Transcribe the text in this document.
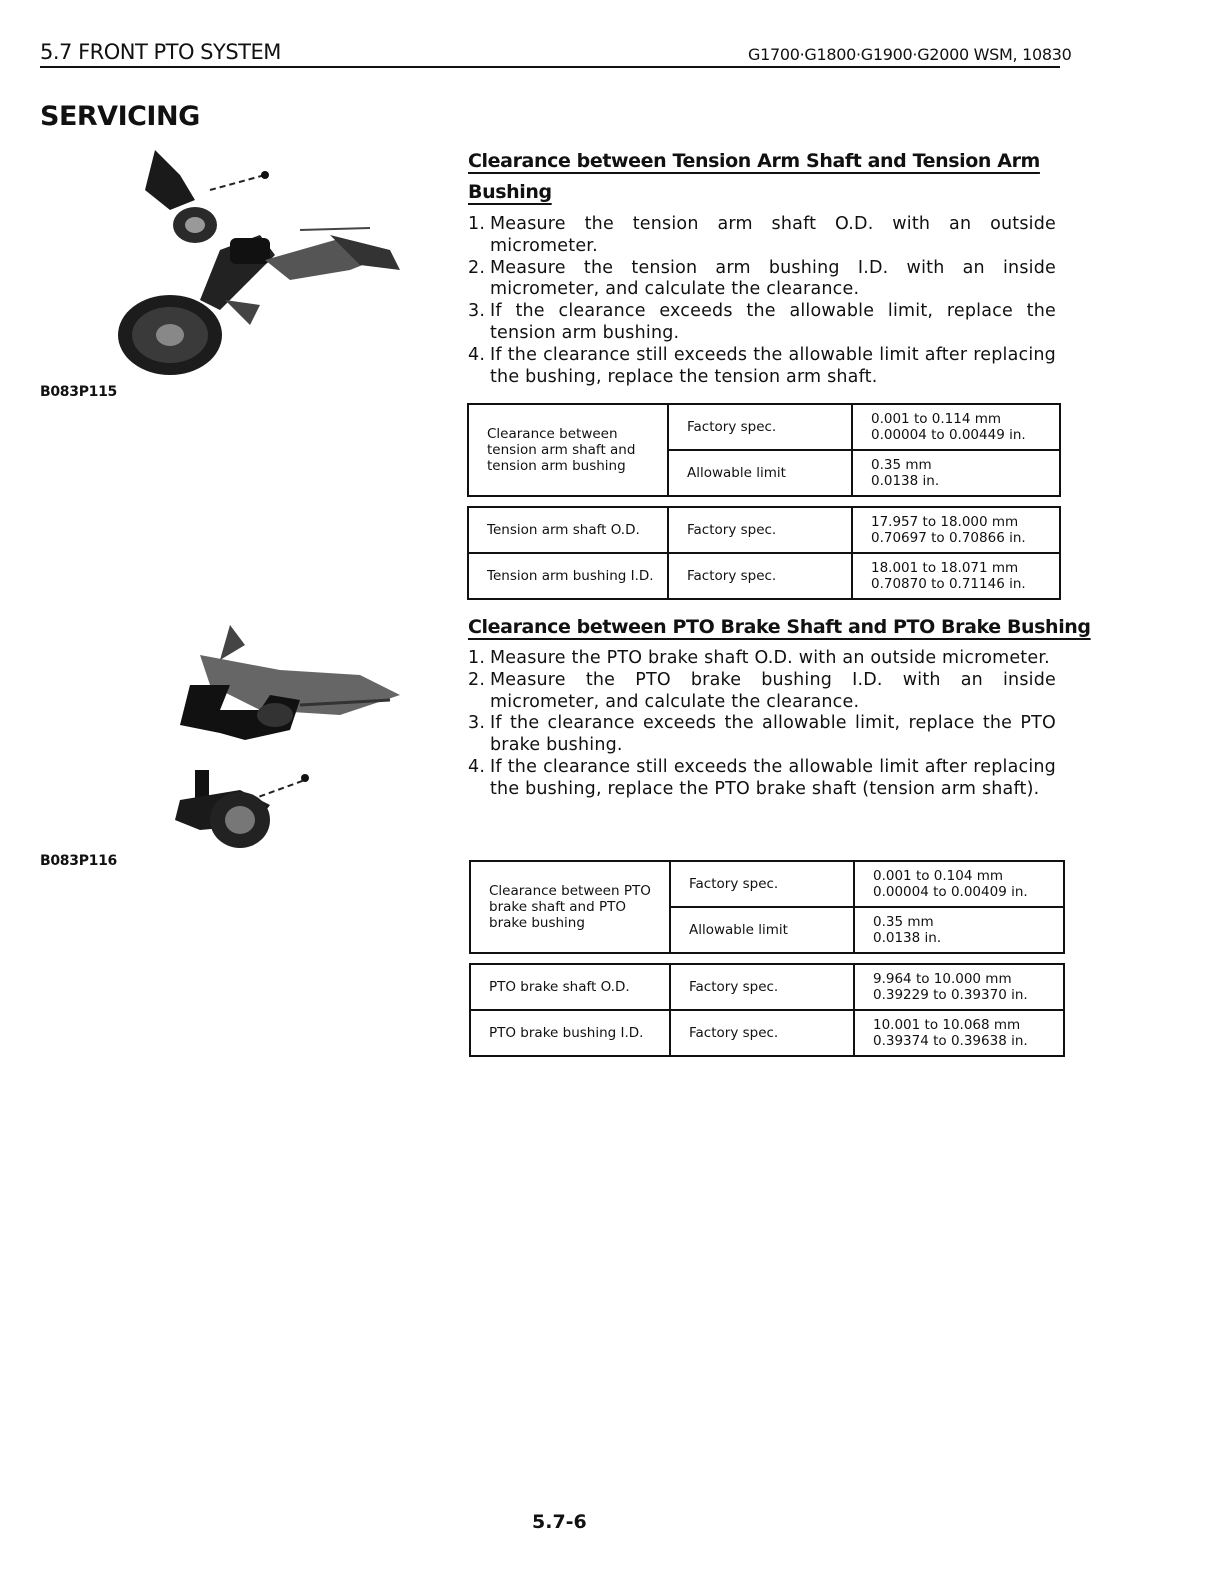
5.7 FRONT PTO SYSTEM	G1700·G1800·G1900·G2000 WSM, 10830
SERVICING
B083P115
B083P116
Clearance between Tension Arm Shaft and Tension Arm
Bushing
1. Measure the tension arm shaft O.D. with an outside micrometer.
2. Measure the tension arm bushing I.D. with an inside micrometer, and calculate the clearance.
3. If the clearance exceeds the allowable limit, replace the tension arm bushing.
4. If the clearance still exceeds the allowable limit after replacing the bushing, replace the tension arm shaft.
Clearance between tension arm shaft and tension arm bushing	Factory spec.	0.001 to 0.114 mm
0.00004 to 0.00449 in.
	Allowable limit	0.35 mm
0.0138 in.
Tension arm shaft O.D.	Factory spec.	17.957 to 18.000 mm
0.70697 to 0.70866 in.
Tension arm bushing I.D.	Factory spec.	18.001 to 18.071 mm
0.70870 to 0.71146 in.
Clearance between PTO Brake Shaft and PTO Brake Bushing
1. Measure the PTO brake shaft O.D. with an outside micrometer.
2. Measure the PTO brake bushing I.D. with an inside micrometer, and calculate the clearance.
3. If the clearance exceeds the allowable limit, replace the PTO brake bushing.
4. If the clearance still exceeds the allowable limit after replacing the bushing, replace the PTO brake shaft (tension arm shaft).
Clearance between PTO brake shaft and PTO brake bushing	Factory spec.	0.001 to 0.104 mm
0.00004 to 0.00409 in.
	Allowable limit	0.35 mm
0.0138 in.
PTO brake shaft O.D.	Factory spec.	9.964 to 10.000 mm
0.39229 to 0.39370 in.
PTO brake bushing I.D.	Factory spec.	10.001 to 10.068 mm
0.39374 to 0.39638 in.
5.7-6
